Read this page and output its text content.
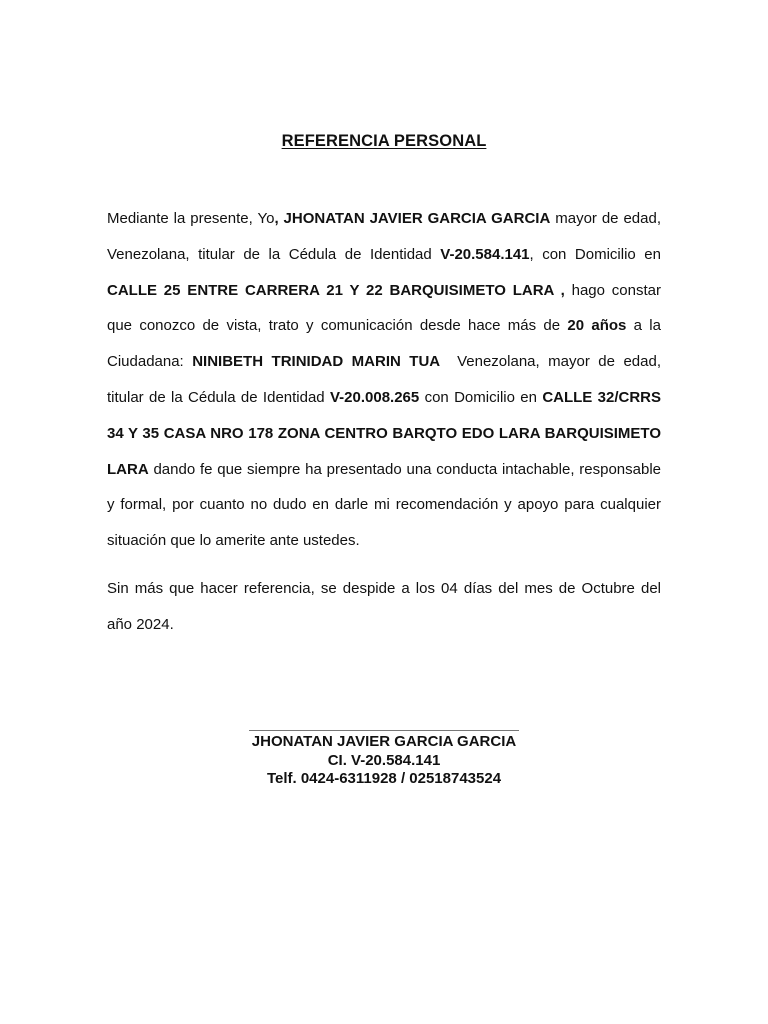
REFERENCIA PERSONAL

Mediante la presente, Yo, JHONATAN JAVIER GARCIA GARCIA mayor de edad, Venezolana, titular de la Cédula de Identidad V-20.584.141, con Domicilio en CALLE 25 ENTRE CARRERA 21 Y 22 BARQUISIMETO LARA , hago constar que conozco de vista, trato y comunicación desde hace más de 20 años a la Ciudadana: NINIBETH TRINIDAD MARIN TUA  Venezolana, mayor de edad, titular de la Cédula de Identidad V-20.008.265 con Domicilio en CALLE 32/CRRS 34 Y 35 CASA NRO 178 ZONA CENTRO BARQTO EDO LARA BARQUISIMETO LARA dando fe que siempre ha presentado una conducta intachable, responsable y formal, por cuanto no dudo en darle mi recomendación y apoyo para cualquier situación que lo amerite ante ustedes.

Sin más que hacer referencia, se despide a los 04 días del mes de Octubre del año 2024.

JHONATAN JAVIER GARCIA GARCIA

CI. V-20.584.141

Telf. 0424-6311928 / 02518743524
